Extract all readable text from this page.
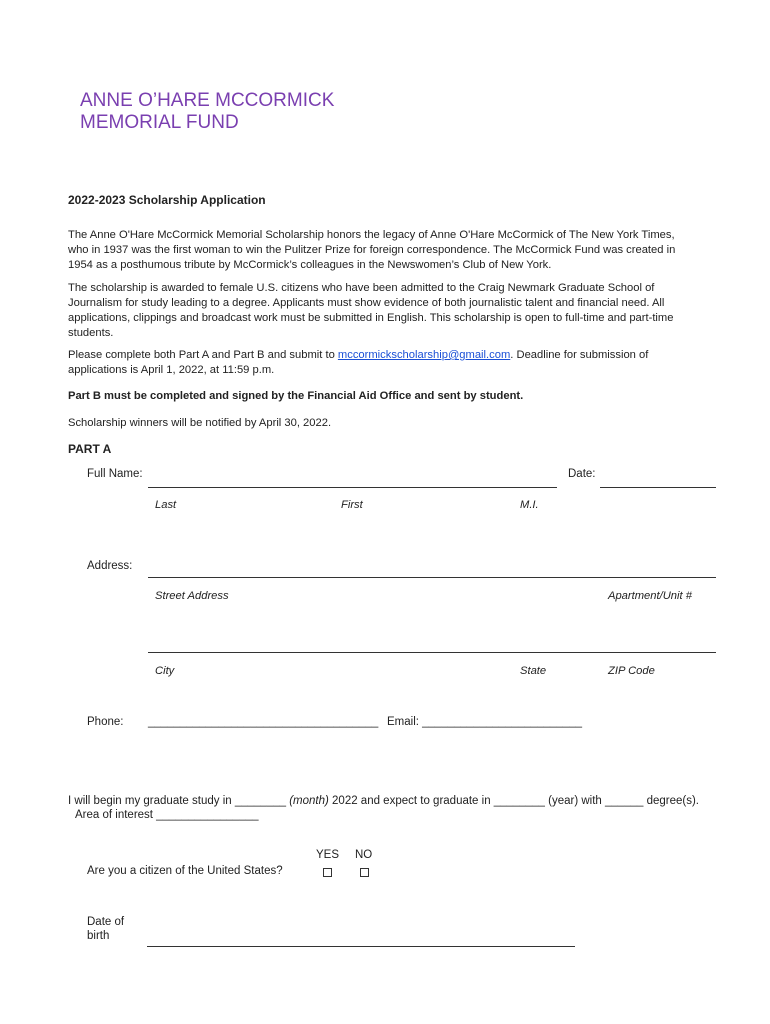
ANNE O’HARE MCCORMICK
MEMORIAL FUND
2022-2023 Scholarship Application
The Anne O'Hare McCormick Memorial Scholarship honors the legacy of Anne O'Hare McCormick of The New York Times, who in 1937 was the first woman to win the Pulitzer Prize for foreign correspondence. The McCormick Fund was created in 1954 as a posthumous tribute by McCormick’s colleagues in the Newswomen’s Club of New York.
The scholarship is awarded to female U.S. citizens who have been admitted to the Craig Newmark Graduate School of Journalism for study leading to a degree. Applicants must show evidence of both journalistic talent and financial need. All applications, clippings and broadcast work must be submitted in English. This scholarship is open to full-time and part-time students.
Please complete both Part A and Part B and submit to mccormickscholarship@gmail.com. Deadline for submission of applications is April 1, 2022, at 11:59 p.m.
Part B must be completed and signed by the Financial Aid Office and sent by student.
Scholarship winners will be notified by April 30, 2022.
PART A
Full Name:	Date:
Last	First	M.I.
Address:
Street Address	Apartment/Unit #
City	State	ZIP Code
Phone: ____________________________________ Email: _________________________
I will begin my graduate study in ________ (month) 2022 and expect to graduate in ________ (year) with ______ degree(s).
Area of interest ________________
YES NO
Are you a citizen of the United States?
Date of
birth
